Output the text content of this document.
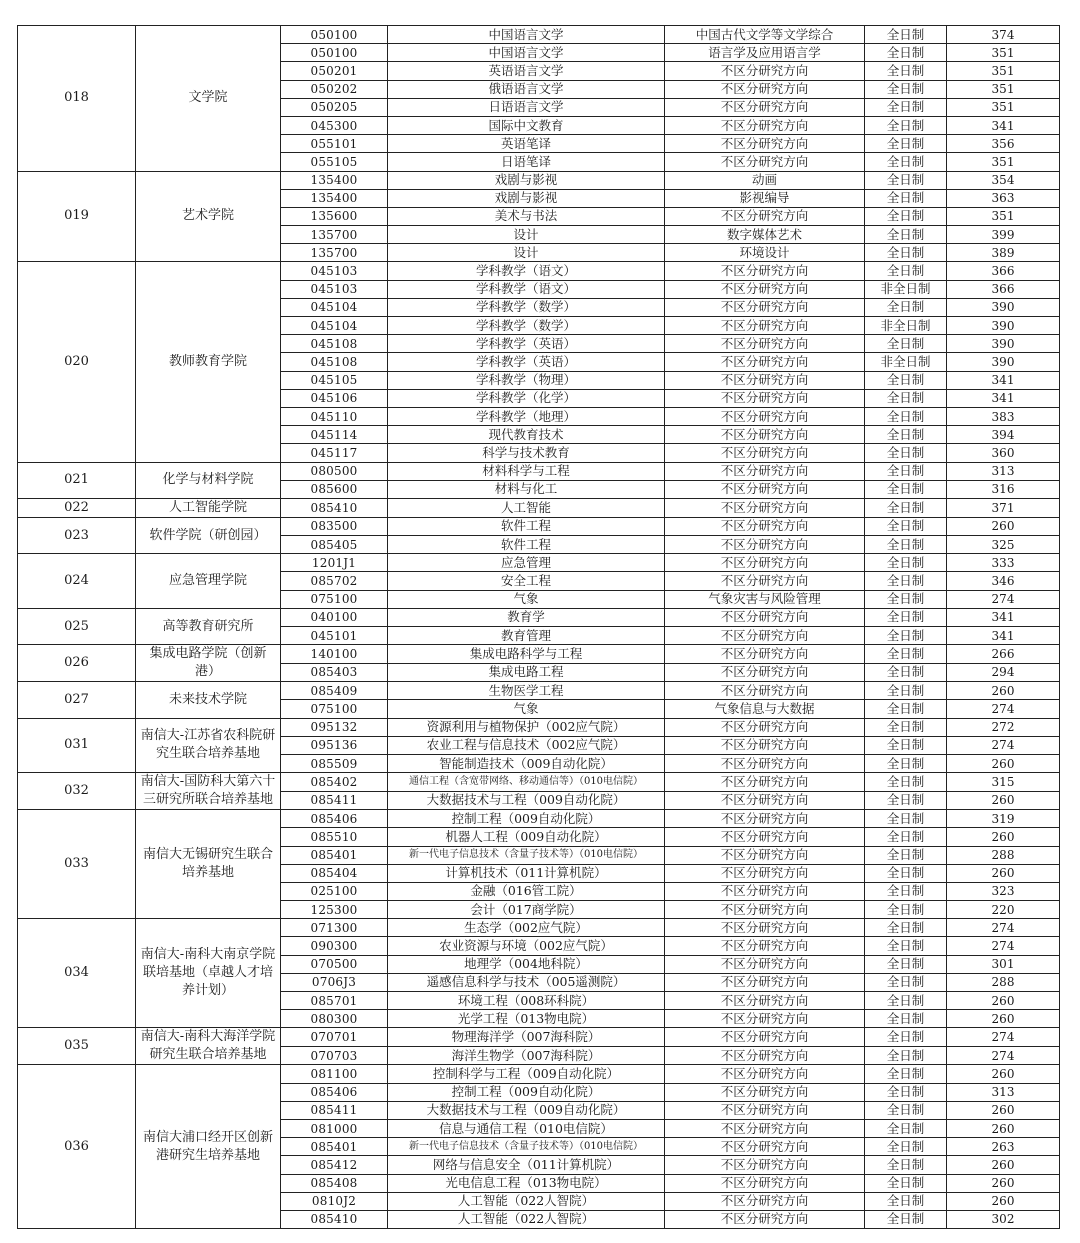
018	文学院	050100	中国语言文学	中国古代文学等文学综合	全日制	374
		050100	中国语言文学	语言学及应用语言学	全日制	351
		050201	英语语言文学	不区分研究方向	全日制	351
		050202	俄语语言文学	不区分研究方向	全日制	351
		050205	日语语言文学	不区分研究方向	全日制	351
		045300	国际中文教育	不区分研究方向	全日制	341
		055101	英语笔译	不区分研究方向	全日制	356
		055105	日语笔译	不区分研究方向	全日制	351
019	艺术学院	135400	戏剧与影视	动画	全日制	354
		135400	戏剧与影视	影视编导	全日制	363
		135600	美术与书法	不区分研究方向	全日制	351
		135700	设计	数字媒体艺术	全日制	399
		135700	设计	环境设计	全日制	389
020	教师教育学院	045103	学科教学（语文）	不区分研究方向	全日制	366
		045103	学科教学（语文）	不区分研究方向	非全日制	366
		045104	学科教学（数学）	不区分研究方向	全日制	390
		045104	学科教学（数学）	不区分研究方向	非全日制	390
		045108	学科教学（英语）	不区分研究方向	全日制	390
		045108	学科教学（英语）	不区分研究方向	非全日制	390
		045105	学科教学（物理）	不区分研究方向	全日制	341
		045106	学科教学（化学）	不区分研究方向	全日制	341
		045110	学科教学（地理）	不区分研究方向	全日制	383
		045114	现代教育技术	不区分研究方向	全日制	394
		045117	科学与技术教育	不区分研究方向	全日制	360
021	化学与材料学院	080500	材料科学与工程	不区分研究方向	全日制	313
		085600	材料与化工	不区分研究方向	全日制	316
022	人工智能学院	085410	人工智能	不区分研究方向	全日制	371
023	软件学院（研创园）	083500	软件工程	不区分研究方向	全日制	260
		085405	软件工程	不区分研究方向	全日制	325
024	应急管理学院	1201J1	应急管理	不区分研究方向	全日制	333
		085702	安全工程	不区分研究方向	全日制	346
		075100	气象	气象灾害与风险管理	全日制	274
025	高等教育研究所	040100	教育学	不区分研究方向	全日制	341
		045101	教育管理	不区分研究方向	全日制	341
026	集成电路学院（创新港）	140100	集成电路科学与工程	不区分研究方向	全日制	266
		085403	集成电路工程	不区分研究方向	全日制	294
027	未来技术学院	085409	生物医学工程	不区分研究方向	全日制	260
		075100	气象	气象信息与大数据	全日制	274
031	南信大-江苏省农科院研究生联合培养基地	095132	资源利用与植物保护（002应气院）	不区分研究方向	全日制	272
		095136	农业工程与信息技术（002应气院）	不区分研究方向	全日制	274
		085509	智能制造技术（009自动化院）	不区分研究方向	全日制	260
032	南信大-国防科大第六十三研究所联合培养基地	085402	通信工程（含宽带网络、移动通信等）（010电信院）	不区分研究方向	全日制	315
		085411	大数据技术与工程（009自动化院）	不区分研究方向	全日制	260
033	南信大无锡研究生联合培养基地	085406	控制工程（009自动化院）	不区分研究方向	全日制	319
		085510	机器人工程（009自动化院）	不区分研究方向	全日制	260
		085401	新一代电子信息技术（含量子技术等）（010电信院）	不区分研究方向	全日制	288
		085404	计算机技术（011计算机院）	不区分研究方向	全日制	260
		025100	金融（016管工院）	不区分研究方向	全日制	323
		125300	会计（017商学院）	不区分研究方向	全日制	220
034	南信大-南科大南京学院联培基地（卓越人才培养计划）	071300	生态学（002应气院）	不区分研究方向	全日制	274
		090300	农业资源与环境（002应气院）	不区分研究方向	全日制	274
		070500	地理学（004地科院）	不区分研究方向	全日制	301
		0706J3	遥感信息科学与技术（005遥测院）	不区分研究方向	全日制	288
		085701	环境工程（008环科院）	不区分研究方向	全日制	260
		080300	光学工程（013物电院）	不区分研究方向	全日制	260
035	南信大-南科大海洋学院研究生联合培养基地	070701	物理海洋学（007海科院）	不区分研究方向	全日制	274
		070703	海洋生物学（007海科院）	不区分研究方向	全日制	274
036	南信大浦口经开区创新港研究生培养基地	081100	控制科学与工程（009自动化院）	不区分研究方向	全日制	260
		085406	控制工程（009自动化院）	不区分研究方向	全日制	313
		085411	大数据技术与工程（009自动化院）	不区分研究方向	全日制	260
		081000	信息与通信工程（010电信院）	不区分研究方向	全日制	260
		085401	新一代电子信息技术（含量子技术等）（010电信院）	不区分研究方向	全日制	263
		085412	网络与信息安全（011计算机院）	不区分研究方向	全日制	260
		085408	光电信息工程（013物电院）	不区分研究方向	全日制	260
		0810J2	人工智能（022人智院）	不区分研究方向	全日制	260
		085410	人工智能（022人智院）	不区分研究方向	全日制	302
